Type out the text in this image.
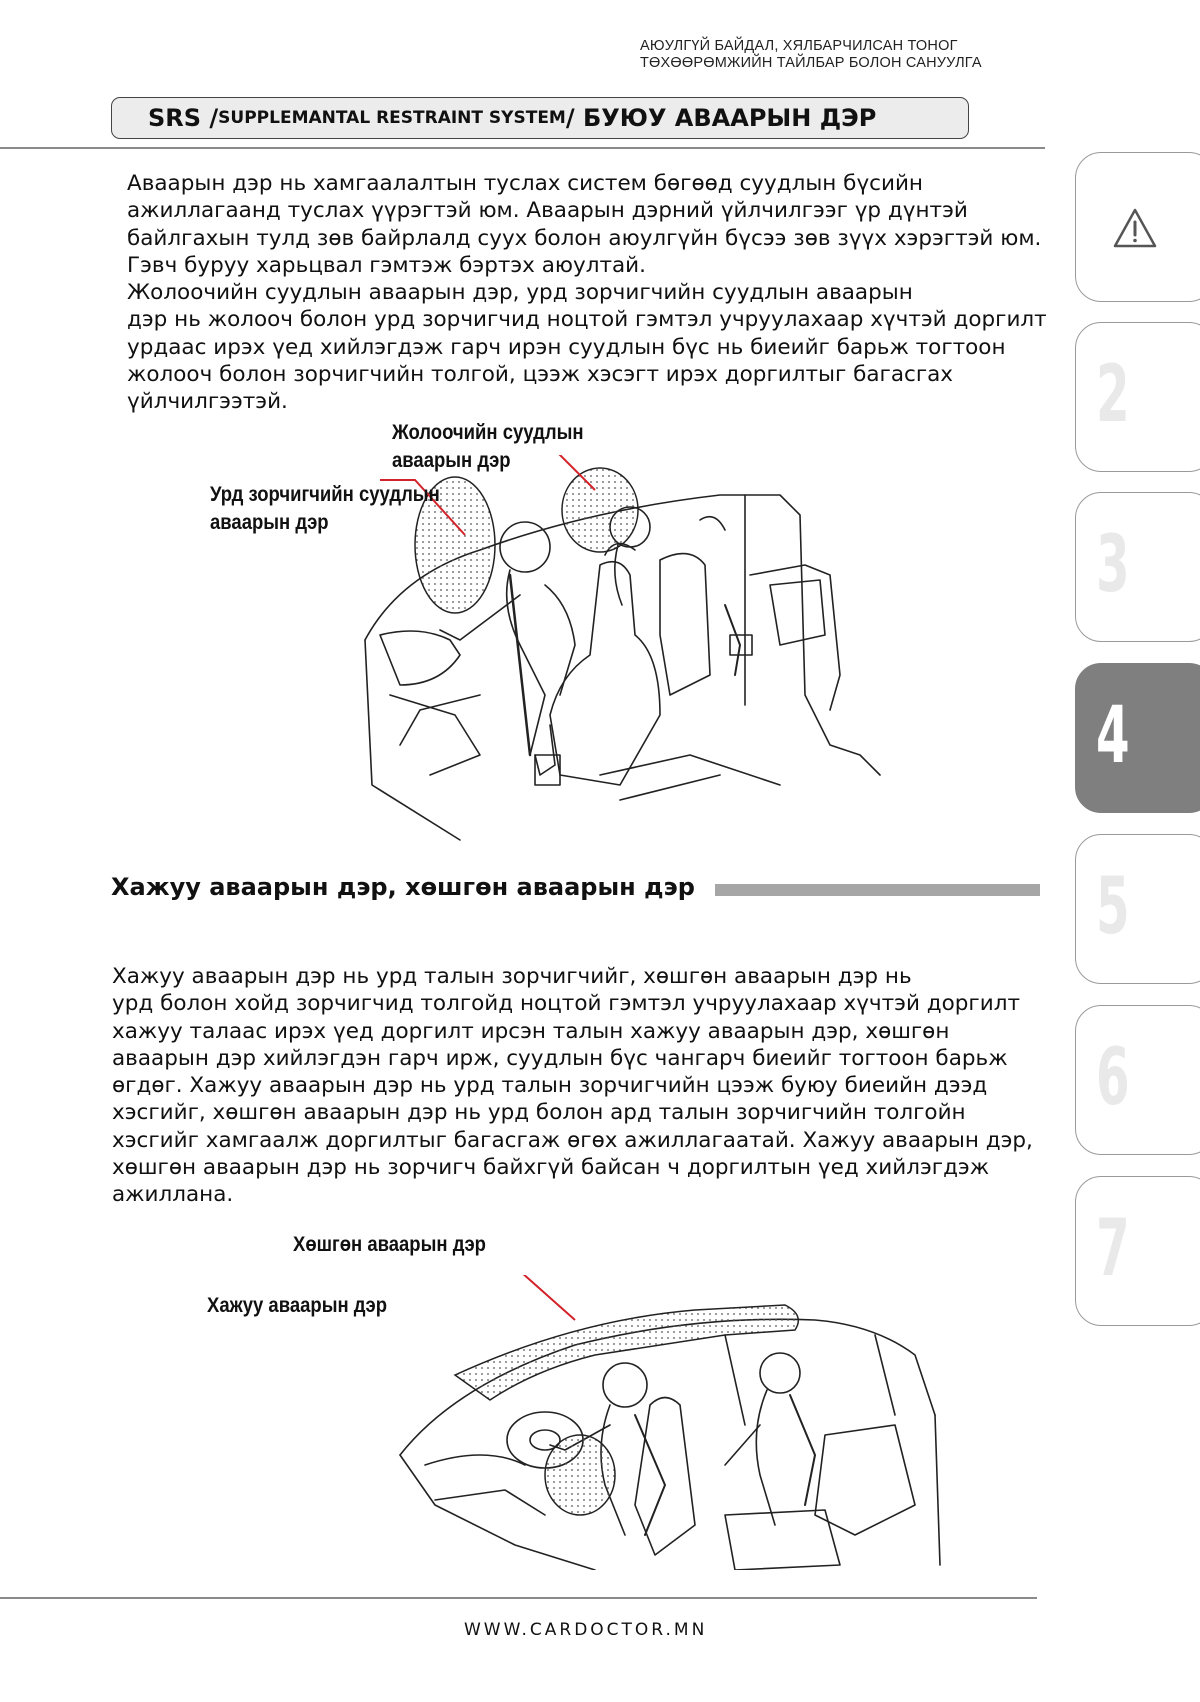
АЮУЛГҮЙ БАЙДАЛ, ХЯЛБАРЧИЛСАН ТОНОГ
ТӨХӨӨРӨМЖИЙН ТАЙЛБАР БОЛОН САНУУЛГА
SRS / SUPPLEMANTAL RESTRAINT SYSTEM / БУЮУ АВААРЫН ДЭР
Аваарын дэр нь хамгаалалтын туслах систем бөгөөд суудлын бүсийн
ажиллагаанд туслах үүрэгтэй юм. Аваарын дэрний үйлчилгээг үр дүнтэй
байлгахын тулд зөв байрлалд суух болон аюулгүйн бүсээ зөв зүүх хэрэгтэй юм.
Гэвч буруу харьцвал гэмтэж бэртэх аюултай.
Жолоочийн суудлын аваарын дэр, урд зорчигчийн суудлын аваарын
дэр нь жолооч болон урд зорчигчид ноцтой гэмтэл учруулахаар хүчтэй доргилт
урдаас ирэх үед хийлэгдэж гарч ирэн суудлын бүс нь биеийг барьж тогтоон
жолооч болон зорчигчийн толгой, цээж хэсэгт ирэх доргилтыг багасгах
үйлчилгээтэй.
Жолоочийн суудлын
аваарын дэр
Урд зорчигчийн суудлын
аваарын дэр
Хажуу аваарын дэр, хөшгөн аваарын дэр
Хажуу аваарын дэр нь урд талын зорчигчийг, хөшгөн аваарын дэр нь
урд болон хойд зорчигчид толгойд ноцтой гэмтэл учруулахаар хүчтэй доргилт
хажуу талаас ирэх үед доргилт ирсэн талын хажуу аваарын дэр, хөшгөн
аваарын дэр хийлэгдэн гарч ирж, суудлын бүс чангарч биеийг тогтоон барьж
өгдөг. Хажуу аваарын дэр нь урд талын зорчигчийн цээж буюу биеийн дээд
хэсгийг, хөшгөн аваарын дэр нь урд болон ард талын зорчигчийн толгойн
хэсгийг хамгаалж доргилтыг багасгаж өгөх ажиллагаатай. Хажуу аваарын дэр,
хөшгөн аваарын дэр нь зорчигч байхгүй байсан ч доргилтын үед хийлэгдэж
ажиллана.
Хөшгөн аваарын дэр
Хажуу аваарын дэр
2
3
4
5
6
7
WWW.CARDOCTOR.MN
